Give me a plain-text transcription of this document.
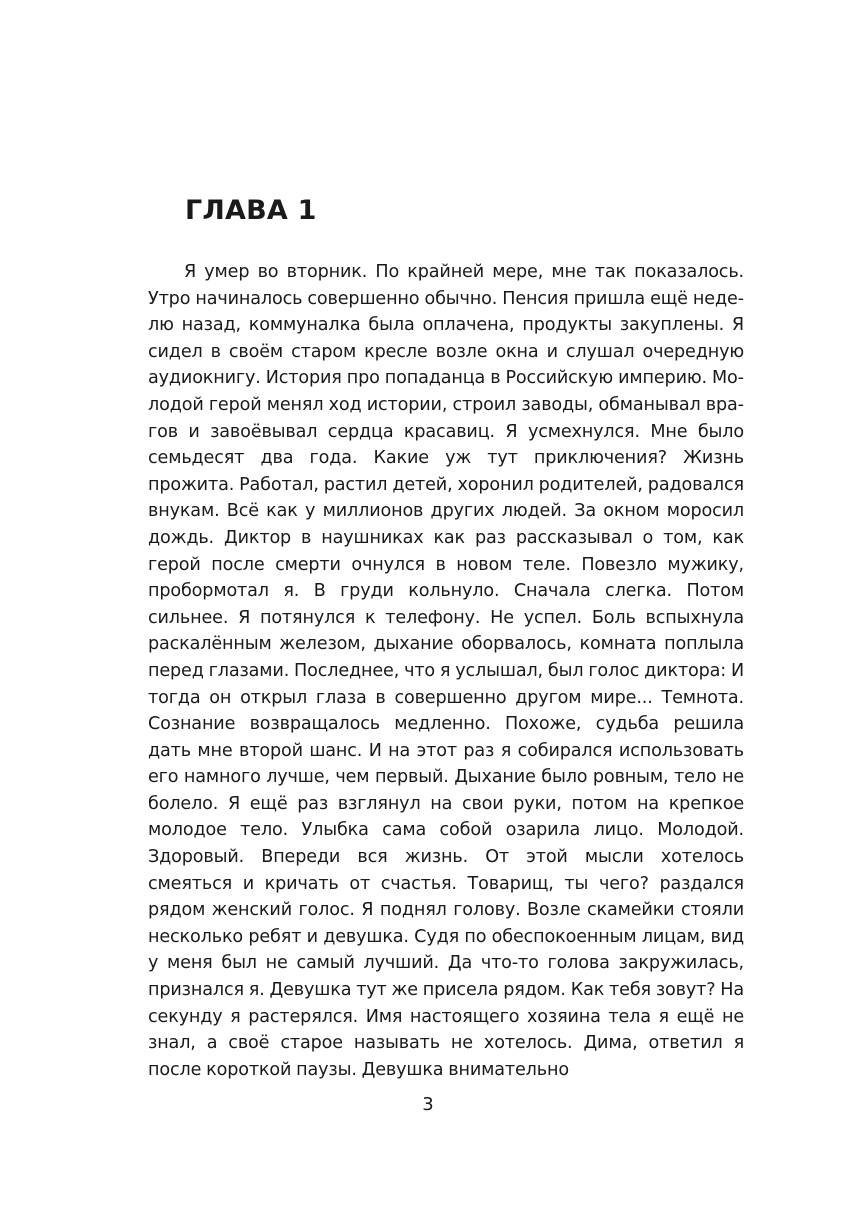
ГЛАВА 1

Я умер во вторник. По крайней мере, мне так показалось. Утро начиналось совершенно обычно. Пенсия пришла ещё неделю назад, коммуналка была оплачена, продукты закуплены. Я сидел в своём старом кресле возле окна и слушал очередную аудиокнигу. История про попаданца в Российскую империю. Молодой герой менял ход истории, строил заводы, обманывал врагов и завоёвывал сердца красавиц. Я усмехнулся. Мне было семьдесят два года. Какие уж тут приключения? Жизнь прожита. Работал, растил детей, хоронил родителей, радовался внукам. Всё как у миллионов других людей. За окном моросил дождь. Диктор в наушниках как раз рассказывал о том, как герой после смерти очнулся в новом теле. Повезло мужику, пробормотал я. В груди кольнуло. Сначала слегка. Потом сильнее. Я потянулся к телефону. Не успел. Боль вспыхнула раскалённым железом, дыхание оборвалось, комната поплыла перед глазами. Последнее, что я услышал, был голос диктора: И тогда он открыл глаза в совершенно другом мире... Темнота. Сознание возвращалось медленно. Похоже, судьба решила дать мне второй шанс. И на этот раз я собирался использовать его намного лучше, чем первый. Дыхание было ровным, тело не болело. Я ещё раз взглянул на свои руки, потом на крепкое молодое тело. Улыбка сама собой озарила лицо. Молодой. Здоровый. Впереди вся жизнь. От этой мысли хотелось смеяться и кричать от счастья. Товарищ, ты чего? раздался рядом женский голос. Я поднял голову. Возле скамейки стояли несколько ребят и девушка. Судя по обеспокоенным лицам, вид у меня был не самый лучший. Да что-то голова закружилась, признался я. Девушка тут же присела рядом. Как тебя зовут? На секунду я растерялся. Имя настоящего хозяина тела я ещё не знал, а своё старое называть не хотелось. Дима, ответил я после короткой паузы. Девушка внимательно

3
